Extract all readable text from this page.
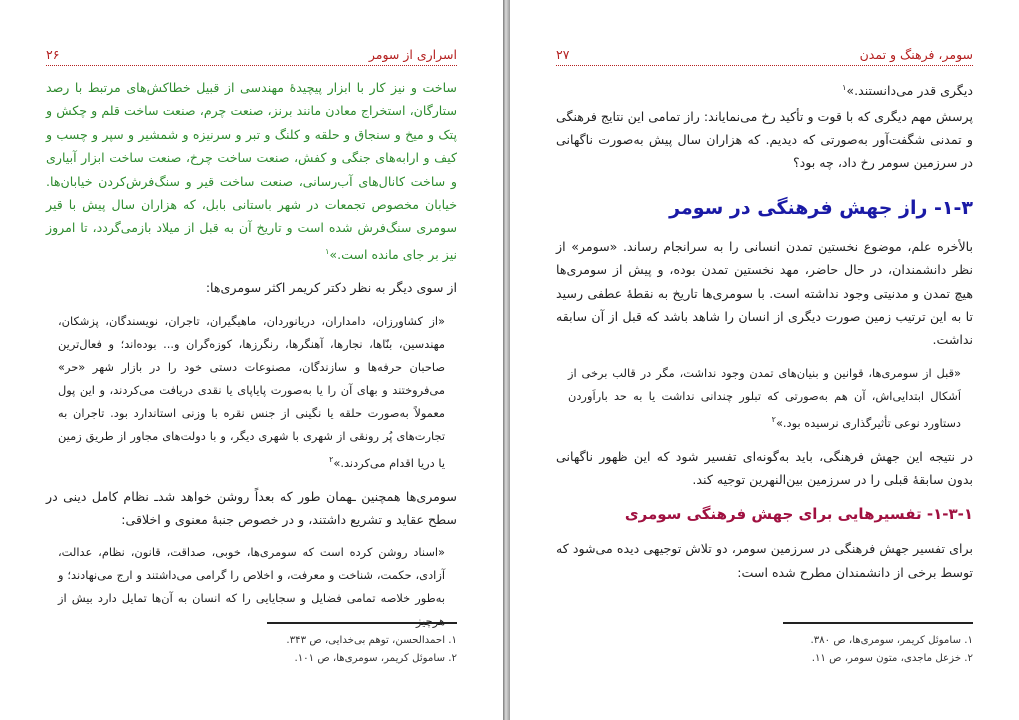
اسراری از سومر
۲۶

ساخت و نیز کار با ابزار پیچیدهٔ مهندسی از قبیل خطاکش‌های مرتبط با رصد ستارگان، استخراج معادن مانند برنز، صنعت چرم، صنعت ساخت قلم و چکش و پتک و میخ و سنجاق و حلقه و کلنگ و تبر و سرنیزه و شمشیر و سپر و چسب و کیف و ارابه‌های جنگی و کفش، صنعت ساخت چرخ، صنعت ساخت ابزار آبیاری و ساخت کانال‌های آب‌رسانی، صنعت ساخت قیر و سنگ‌فرش‌کردن خیابان‌ها. خیابان مخصوص تجمعات در شهر باستانی بابل، که هزاران سال پیش با قیر سومری سنگ‌فرش شده است و تاریخ آن به قبل از میلاد بازمی‌گردد، تا امروز نیز بر جای مانده است.»$^۱$

از سوی دیگر به نظر دکتر کریمر اکثر سومری‌ها:

«از کشاورزان، دامداران، دریانوردان، ماهیگیران، تاجران، نویسندگان، پزشکان، مهندسین، بنّاها، نجارها، آهنگرها، رنگرزها، کوزه‌گران و... بوده‌اند؛ و فعال‌ترین صاحبان حرفه‌ها و سازندگان، مصنوعات دستی خود را در بازار شهر «حر» می‌فروختند و بهای آن را یا به‌صورت پایاپای یا نقدی دریافت می‌کردند، و این پول معمولاً به‌صورت حلقه یا نگینی از جنس نقره با وزنی استاندارد بود. تاجران به تجارت‌های پُر رونقی از شهری با شهری دیگر، و با دولت‌های مجاور از طریق زمین یا دریا اقدام می‌کردند.»$^۲$

سومری‌ها همچنین ـهمان طور که بعداً روشن خواهد شدـ نظام کامل دینی در سطح عقاید و تشریع داشتند، و در خصوص جنبهٔ معنوی و اخلاقی:

«اسناد روشن کرده است که سومری‌ها، خوبی، صداقت، قانون، نظام، عدالت، آزادی، حکمت، شناخت و معرفت، و اخلاص را گرامی می‌داشتند و ارج می‌نهادند؛ و به‌طور خلاصه تمامی فضایل و سجایایی را که انسان به آن‌ها تمایل دارد بیش از

۱. احمدالحسن، توهم بی‌خدایی، ص ۳۴۳.
۲. ساموئل کریمر، سومری‌ها، ص ۱۰۱.
سومر، فرهنگ و تمدن
۲۷

دیگری قدر می‌دانستند.»$^۱$

پرسش مهم دیگری که با قوت و تأکید رخ می‌نمایاند: راز تمامی این نتایج فرهنگی و تمدنی شگفت‌آور به‌صورتی که دیدیم. که هزاران سال پیش به‌صورت ناگهانی در سرزمین سومر رخ داد، چه بود؟

۱-۳- راز جهش فرهنگی در سومر

بالأخره علم، موضوع نخستین تمدن انسانی را به سرانجام رساند. «سومر» از نظر دانشمندان، در حال حاضر، مهد نخستین تمدن بوده، و پیش از سومری‌ها هیچ تمدن و مدنیتی وجود نداشته است. با سومری‌ها تاریخ به نقطهٔ عطفی رسید تا به این ترتیب زمین صورت دیگری از انسان را شاهد باشد که قبل از آن سابقه نداشت.

«قبل از سومری‌ها، قوانین و بنیان‌های تمدن وجود نداشت، مگر در قالب برخی از اَشکال ابتدایی‌اش، آن هم به‌صورتی که تبلور چندانی نداشت یا به حد باراَوردن دستاورد نوعی تأثیرگذاری نرسیده بود.»$^۲$

در نتیجه این جهش فرهنگی، باید به‌گونه‌ای تفسیر شود که این ظهور ناگهانی بدون سابقهٔ قبلی را در سرزمین بین‌النهرین توجیه کند.

۱-۳-۱- تفسیرهایی برای جهش فرهنگی سومری

برای تفسیر جهش فرهنگی در سرزمین سومر، دو تلاش توجیهی دیده می‌شود که توسط برخی از دانشمندان مطرح شده است:

۱. ساموئل کریمر، سومری‌ها، ص ۳۸۰.
۲. خزعل ماجدی، متون سومر، ص ۱۱.
